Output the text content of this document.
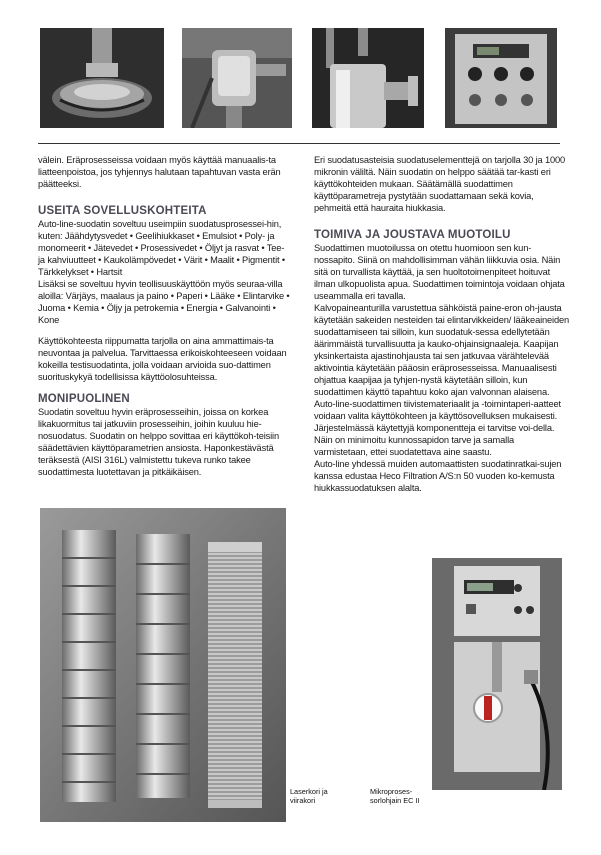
välein. Eräprosesseissa voidaan myös käyttää manuaalis-ta liatteenpoistoa, jos tyhjennys halutaan tapahtuvan vasta erän päätteeksi.

USEITA SOVELLUSKOHTEITA

Auto-line-suodatin soveltuu useimpiin suodatusprosessei-hin, kuten: Jäähdytysvedet • Geelihiukkaset • Emulsiot • Poly- ja monomeerit • Jätevedet • Prosessivedet • Öljyt ja rasvat • Tee- ja kahviuutteet • Kaukolämpövedet • Värit • Maalit • Pigmentit • Tärkkelykset • Hartsit

Lisäksi se soveltuu hyvin teollisuuskäyttöön myös seuraa-villa aloilla: Värjäys, maalaus ja paino • Paperi • Lääke • Elintarvike • Juoma • Kemia • Öljy ja petrokemia • Energia • Galvanointi • Kone

Käyttökohteesta riippumatta tarjolla on aina ammattimais-ta neuvontaa ja palvelua. Tarvittaessa erikoiskohteeseen voidaan kokeilla testisuodatinta, jolla voidaan arvioida suo-dattimen suorituskykyä todellisissa käyttöolosuhteissa.

MONIPUOLINEN

Suodatin soveltuu hyvin eräprosesseihin, joissa on korkea likakuormitus tai jatkuviin prosesseihin, joihin kuuluu hie-nosuodatus. Suodatin on helppo sovittaa eri käyttökoh-teisiin säädettävien käyttöparametrien ansiosta. Haponkestävästä teräksestä (AISI 316L) valmistettu tukeva runko takee suodattimesta luotettavan ja pitkäikäisen.

Eri suodatusasteisia suodatuselementtejä on tarjolla 30 ja 1000 mikronin väliltä. Näin suodatin on helppo säätää tar-kasti eri käyttökohteiden mukaan. Säätämällä suodattimen käyttöparametreja pystytään suodattamaan sekä kovia, pehmeitä että hauraita hiukkasia.

TOIMIVA JA JOUSTAVA MUOTOILU

Suodattimen muotoilussa on otettu huomioon sen kun-nossapito. Siinä on mahdollisimman vähän liikkuvia osia. Näin sitä on turvallista käyttää, ja sen huoltotoimenpiteet hoituvat ilman ulkopuolista apua. Suodattimen toimintoja voidaan ohjata useammalla eri tavalla.

Kalvopaineanturilla varustettua sähköistä paine-eron oh-jausta käytetään sakeiden nesteiden tai elintarvikkeiden/ lääkeaineiden suodattamiseen tai silloin, kun suodatuk-sessa edellytetään äärimmäistä turvallisuutta ja kauko-ohjainsignaaleja. Kaapijan yksinkertaista ajastinohjausta tai sen jatkuvaa värähtelevää aktivointia käytetään pääosin eräprosesseissa. Manuaalisesti ohjattua kaapijaa ja tyhjen-nystä käytetään silloin, kun suodattimen käyttö tapahtuu koko ajan valvonnan alaisena.

Auto-line-suodattimen tiivistemateriaalit ja -toimintaperi-aatteet voidaan valita käyttökohteen ja käyttösovelluksen mukaisesti.

Järjestelmässä käytettyjä komponentteja ei tarvitse voi-della. Näin on minimoitu kunnossapidon tarve ja samalla varmistetaan, ettei suodatettava aine saastu.

Auto-line yhdessä muiden automaattisten suodatinratkai-sujen kanssa edustaa Heco Filtration A/S:n 50 vuoden ko-kemusta hiukkassuodatuksen alalta.

Laserkori ja
viirakori
Mikroproses-
sorlohjain EC II
